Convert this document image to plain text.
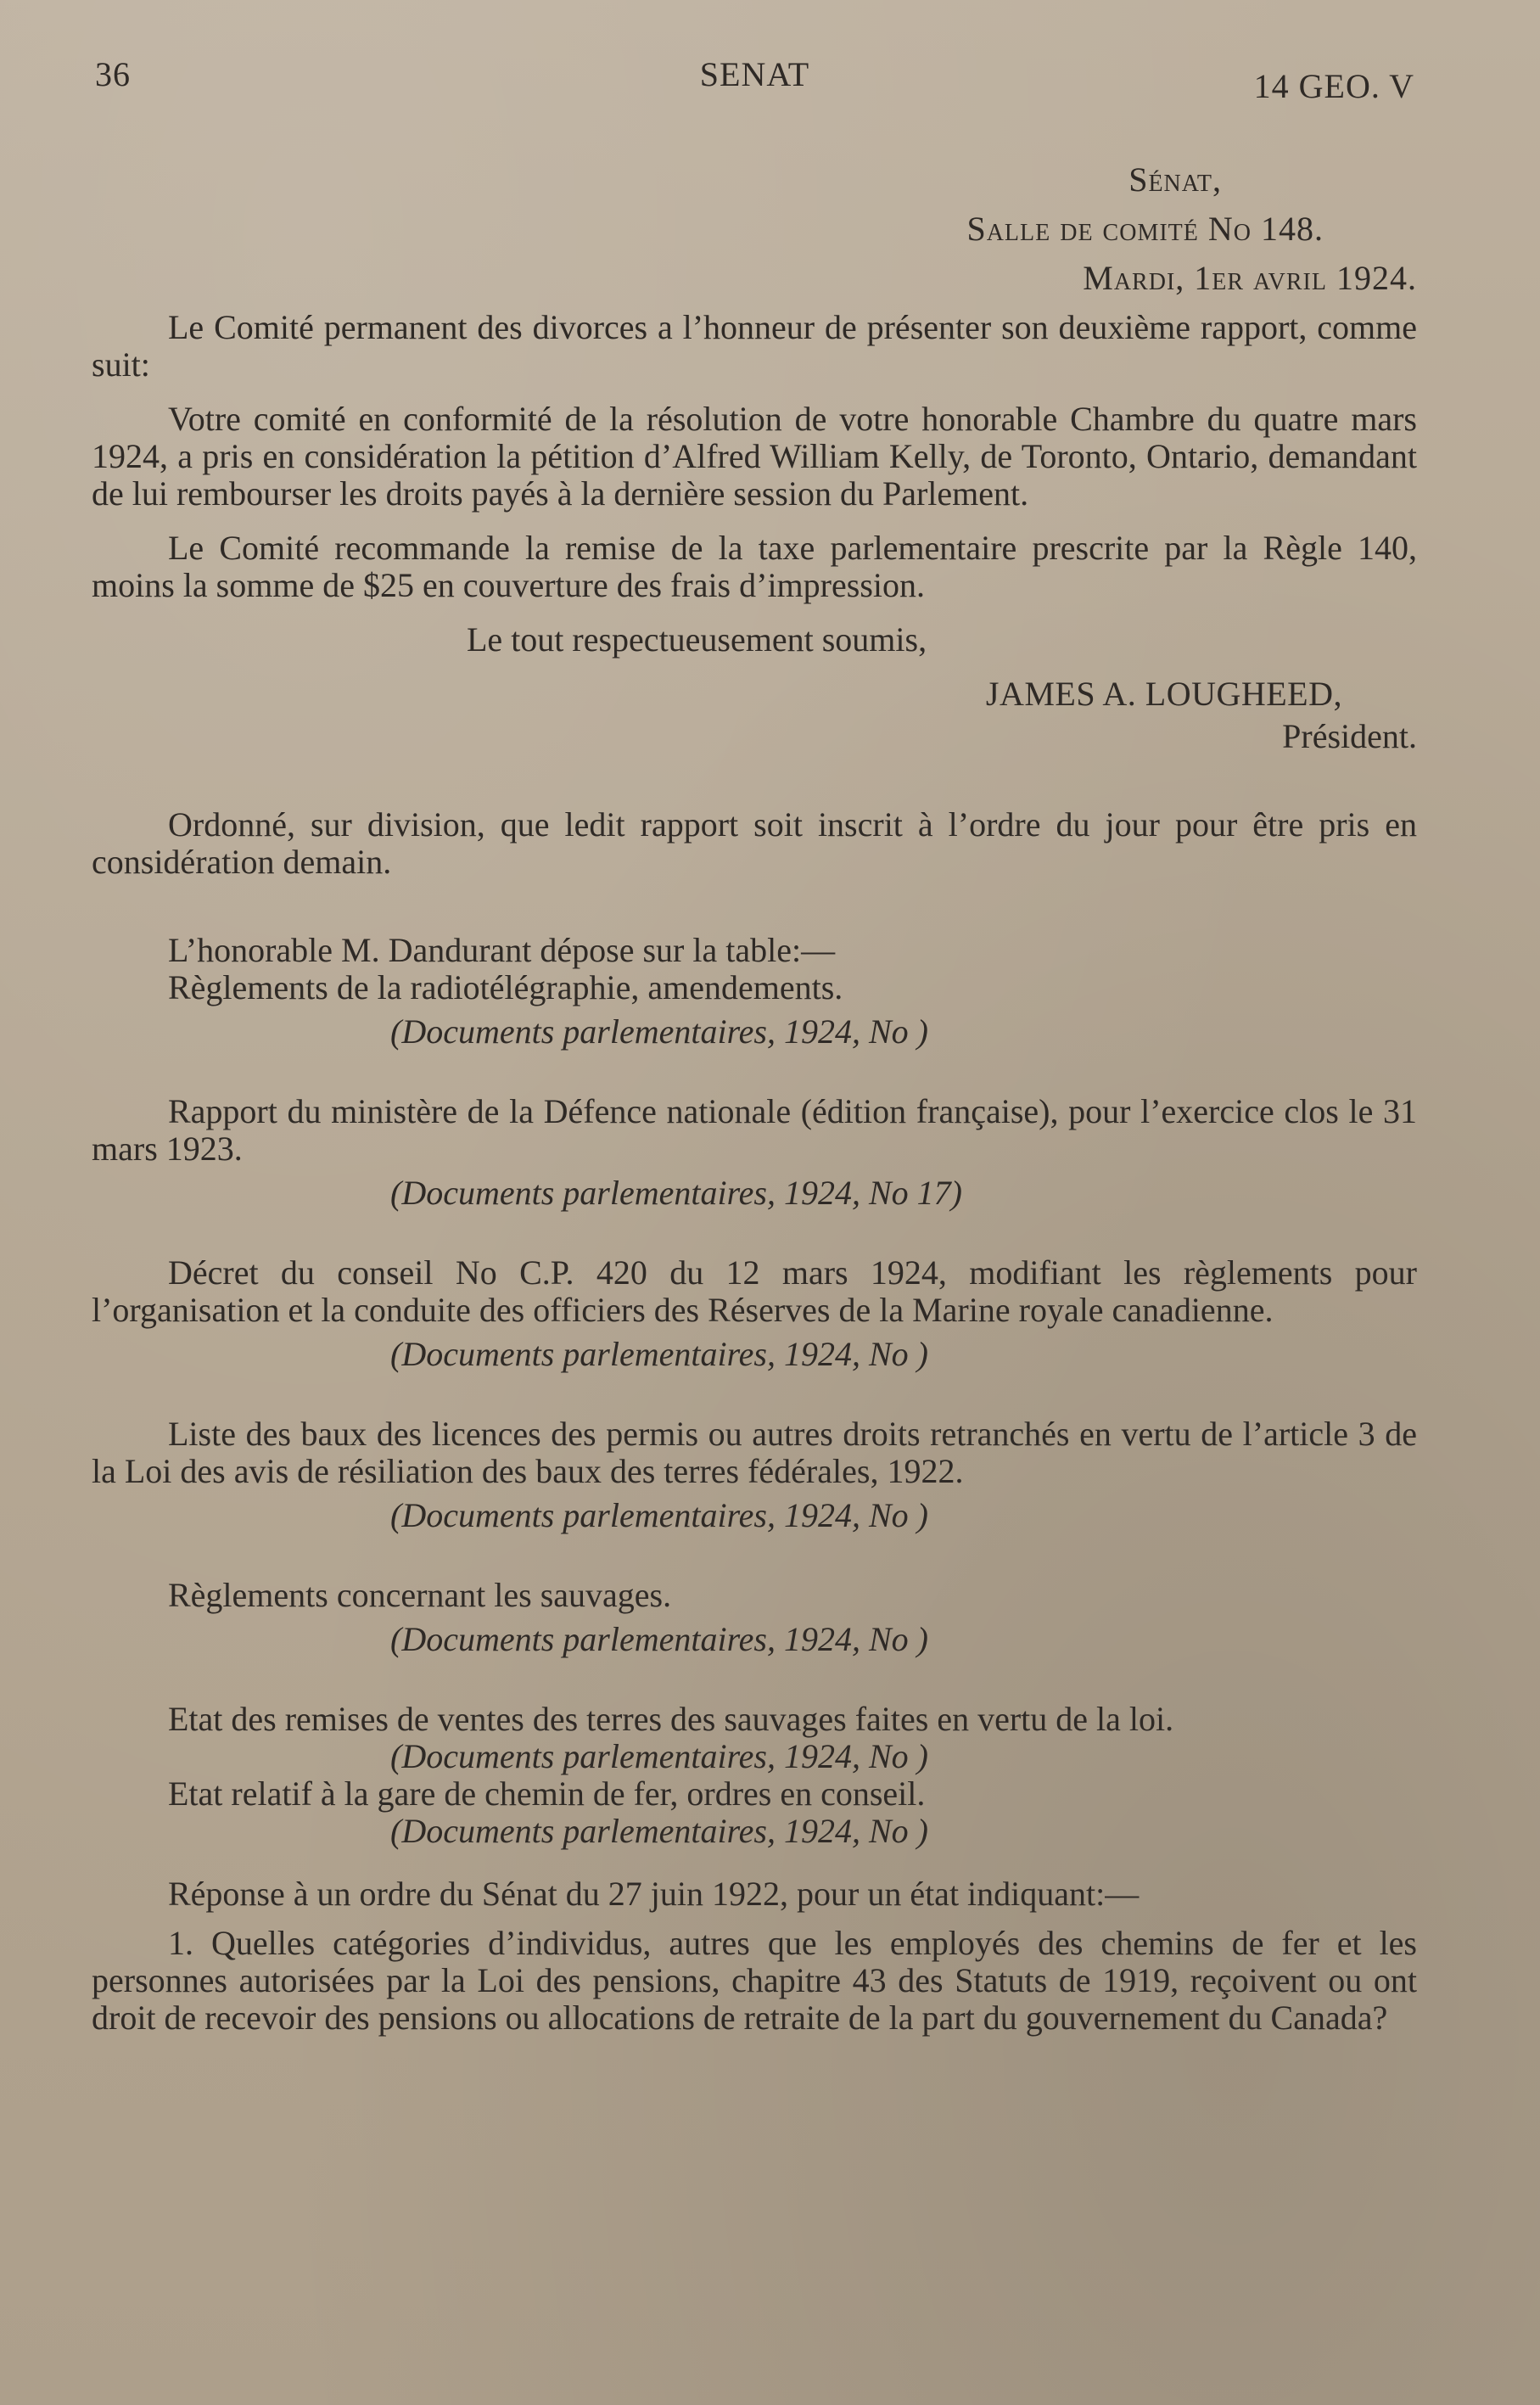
36	SENAT	14 GEO. V

Sénat,

Salle de comité No 148.

Mardi, 1er avril 1924.

Le Comité permanent des divorces a l’honneur de présenter son deuxième rapport, comme suit:

Votre comité en conformité de la résolution de votre honorable Chambre du quatre mars 1924, a pris en considération la pétition d’Alfred William Kelly, de Toronto, Ontario, demandant de lui rembourser les droits payés à la dernière session du Parlement.

Le Comité recommande la remise de la taxe parlementaire prescrite par la Règle 140, moins la somme de $25 en couverture des frais d’impression.

Le tout respectueusement soumis,

JAMES A. LOUGHEED,

Président.

Ordonné, sur division, que ledit rapport soit inscrit à l’ordre du jour pour être pris en considération demain.

L’honorable M. Dandurant dépose sur la table:—

Règlements de la radiotélégraphie, amendements.

(Documents parlementaires, 1924, No )

Rapport du ministère de la Défence nationale (édition française), pour l’exercice clos le 31 mars 1923.

(Documents parlementaires, 1924, No 17)

Décret du conseil No C.P. 420 du 12 mars 1924, modifiant les règlements pour l’organisation et la conduite des officiers des Réserves de la Marine royale canadienne.

(Documents parlementaires, 1924, No )

Liste des baux des licences des permis ou autres droits retranchés en vertu de l’article 3 de la Loi des avis de résiliation des baux des terres fédérales, 1922.

(Documents parlementaires, 1924, No )

Règlements concernant les sauvages.

(Documents parlementaires, 1924, No )

Etat des remises de ventes des terres des sauvages faites en vertu de la loi.

(Documents parlementaires, 1924, No )

Etat relatif à la gare de chemin de fer, ordres en conseil.

(Documents parlementaires, 1924, No )

Réponse à un ordre du Sénat du 27 juin 1922, pour un état indiquant:—

1. Quelles catégories d’individus, autres que les employés des chemins de fer et les personnes autorisées par la Loi des pensions, chapitre 43 des Statuts de 1919, reçoivent ou ont droit de recevoir des pensions ou allocations de retraite de la part du gouvernement du Canada?
